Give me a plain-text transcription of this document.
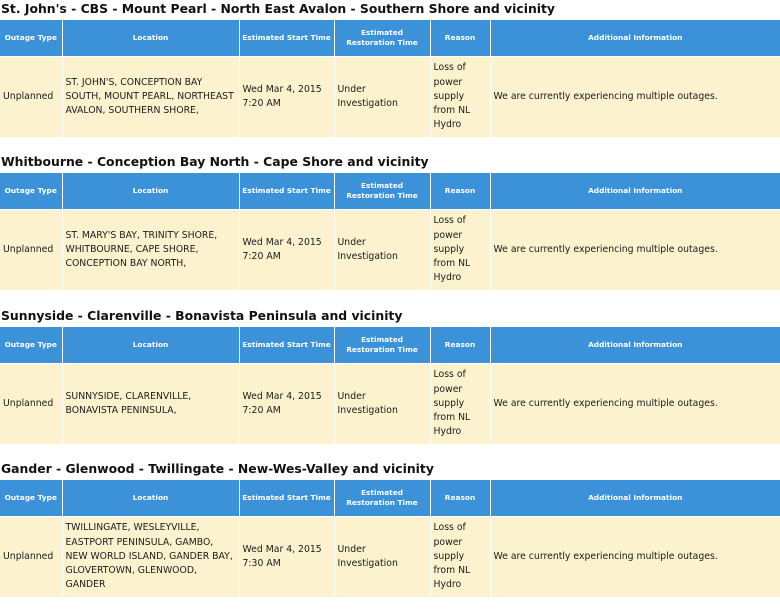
St. John's - CBS - Mount Pearl - North East Avalon - Southern Shore and vicinity
Outage Type	Location	Estimated Start Time	Estimated Restoration Time	Reason	Additional Information
Unplanned	ST. JOHN'S, CONCEPTION BAY SOUTH, MOUNT PEARL, NORTHEAST AVALON, SOUTHERN SHORE,	Wed Mar 4, 2015 7:20 AM	Under Investigation	Loss of power supply from NL Hydro	We are currently experiencing multiple outages.
Whitbourne - Conception Bay North - Cape Shore and vicinity
Outage Type	Location	Estimated Start Time	Estimated Restoration Time	Reason	Additional Information
Unplanned	ST. MARY'S BAY, TRINITY SHORE, WHITBOURNE, CAPE SHORE, CONCEPTION BAY NORTH,	Wed Mar 4, 2015 7:20 AM	Under Investigation	Loss of power supply from NL Hydro	We are currently experiencing multiple outages.
Sunnyside - Clarenville - Bonavista Peninsula and vicinity
Outage Type	Location	Estimated Start Time	Estimated Restoration Time	Reason	Additional Information
Unplanned	SUNNYSIDE, CLARENVILLE, BONAVISTA PENINSULA,	Wed Mar 4, 2015 7:20 AM	Under Investigation	Loss of power supply from NL Hydro	We are currently experiencing multiple outages.
Gander - Glenwood - Twillingate - New-Wes-Valley and vicinity
Outage Type	Location	Estimated Start Time	Estimated Restoration Time	Reason	Additional Information
Unplanned	TWILLINGATE, WESLEYVILLE, EASTPORT PENINSULA, GAMBO, NEW WORLD ISLAND, GANDER BAY, GLOVERTOWN, GLENWOOD, GANDER	Wed Mar 4, 2015 7:30 AM	Under Investigation	Loss of power supply from NL Hydro	We are currently experiencing multiple outages.
